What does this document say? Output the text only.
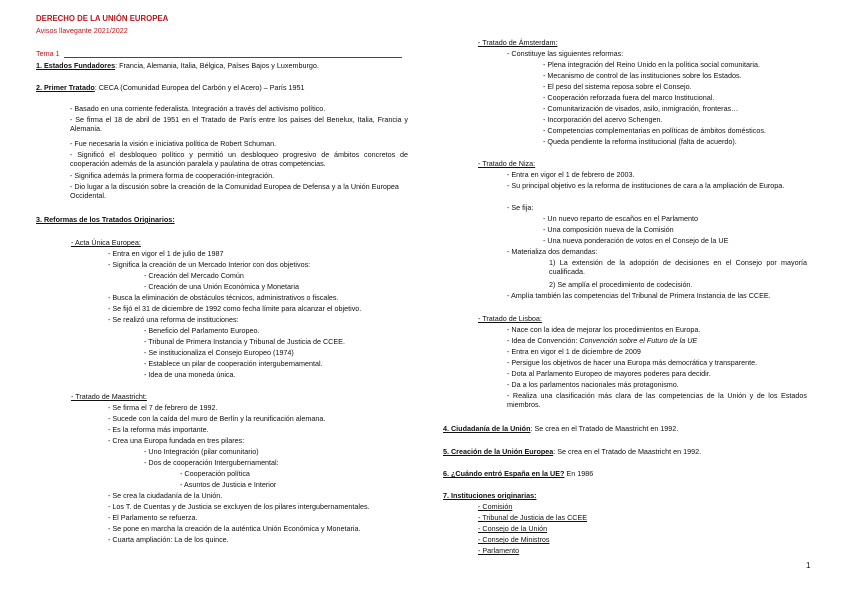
DERECHO DE LA UNIÓN EUROPEA
Avisos llavegante 2021/2022
Tema 1
1. Estados Fundadores: Francia, Alemania, Italia, Bélgica, Países Bajos y Luxemburgo.
2. Primer Tratado: CECA (Comunidad Europea del Carbón y el Acero) – París 1951
- Basado en una corriente federalista. Integración a través del activismo político.
- Se firma el 18 de abril de 1951 en el Tratado de París entre los países del Benelux, Italia, Francia y Alemania.
- Fue necesaria la visión e iniciativa política de Robert Schuman.
- Significó el desbloqueo político y permitió un desbloqueo progresivo de ámbitos concretos de cooperación además de la asunción paralela y paulatina de otras competencias.
- Significa además la primera forma de cooperación-integración.
- Dio lugar a la discusión sobre la creación de la Comunidad Europea de Defensa y a la Unión Europea Occidental.
3. Reformas de los Tratados Originarios:
- Acta Única Europea:
- Entra en vigor el 1 de julio de 1987
- Significa la creación de un Mercado Interior con dos objetivos:
- Creación del Mercado Común
- Creación de una Unión Económica y Monetaria
- Busca la eliminación de obstáculos técnicos, administrativos o fiscales.
- Se fijó el 31 de diciembre de 1992 como fecha límite para alcanzar el objetivo.
- Se realizó una reforma de instituciones:
- Beneficio del Parlamento Europeo.
- Tribunal de Primera Instancia y Tribunal de Justicia de CCEE.
- Se institucionaliza el Consejo Europeo (1974)
- Establece un pilar de cooperación intergubernamental.
- Idea de una moneda única.
- Tratado de Maastricht:
- Se firma el 7 de febrero de 1992.
- Sucede con la caída del muro de Berlín y la reunificación alemana.
- Es la reforma más importante.
- Crea una Europa fundada en tres pilares:
- Uno Integración (pilar comunitario)
- Dos de cooperación Intergubernamental:
- Cooperación política
- Asuntos de Justicia e Interior
- Se crea la ciudadanía de la Unión.
- Los T. de Cuentas y de Justicia se excluyen de los pilares intergubernamentales.
- El Parlamento se refuerza.
- Se pone en marcha la creación de la auténtica Unión Económica y Monetaria.
- Cuarta ampliación: La de los quince.
- Tratado de Ámsterdam:
- Constituye las siguientes reformas:
- Plena integración del Reino Unido en la política social comunitaria.
- Mecanismo de control de las instituciones sobre los Estados.
- El peso del sistema reposa sobre el Consejo.
- Cooperación reforzada fuera del marco Institucional.
- Comunitarización de visados, asilo, inmigración, fronteras…
- Incorporación del acervo Schengen.
- Competencias complementarias en políticas de ámbitos domésticos.
- Queda pendiente la reforma institucional (falta de acuerdo).
- Tratado de Niza:
- Entra en vigor el 1 de febrero de 2003.
- Su principal objetivo es la reforma de instituciones de cara a la ampliación de Europa.
- Se fija:
- Un nuevo reparto de escaños en el Parlamento
- Una composición nueva de la Comisión
- Una nueva ponderación de votos en el Consejo de la UE
- Materializa dos demandas:
1) La extensión de la adopción de decisiones en el Consejo por mayoría cualificada.
2) Se amplía el procedimiento de codecisión.
- Amplía también las competencias del Tribunal de Primera Instancia de las CCEE.
- Tratado de Lisboa:
- Nace con la idea de mejorar los procedimientos en Europa.
- Idea de Convención: Convención sobre el Futuro de la UE
- Entra en vigor el 1 de diciembre de 2009
- Persigue los objetivos de hacer una Europa más democrática y transparente.
- Dota al Parlamento Europeo de mayores poderes para decidir.
- Da a los parlamentos nacionales más protagonismo.
- Realiza una clasificación más clara de las competencias de la Unión y de los Estados miembros.
4. Ciudadanía de la Unión: Se crea en el Tratado de Maastricht en 1992.
5. Creación de la Unión Europea: Se crea en el Tratado de Maastricht en 1992.
6. ¿Cuándo entró España en la UE? En 1986
7. Instituciones originarias:
- Comisión
- Tribunal de Justicia de las CCEE
- Consejo de la Unión
- Consejo de Ministros
- Parlamento
1
